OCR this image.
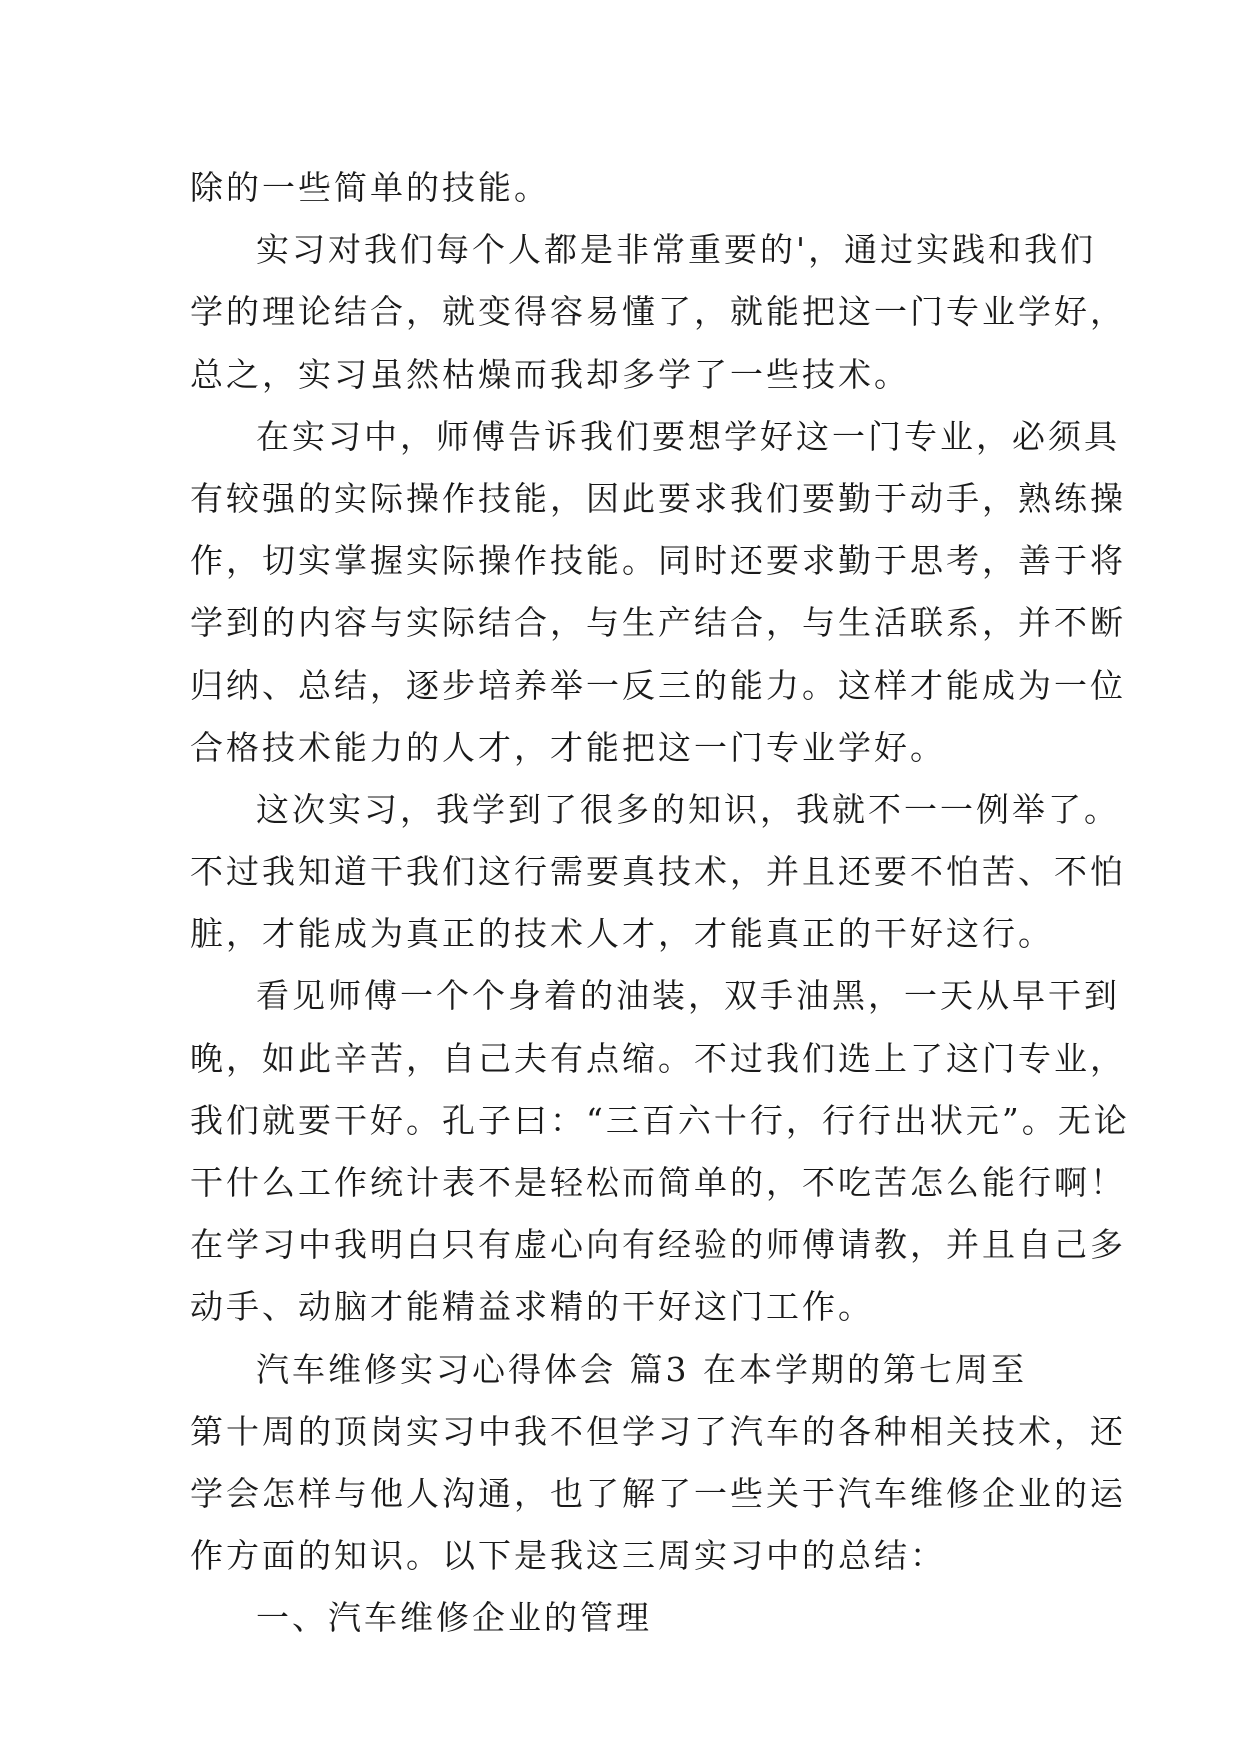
除的一些简单的技能。
实习对我们每个人都是非常重要的'，通过实践和我们
学的理论结合，就变得容易懂了，就能把这一门专业学好，
总之，实习虽然枯燥而我却多学了一些技术。
在实习中，师傅告诉我们要想学好这一门专业，必须具
有较强的实际操作技能，因此要求我们要勤于动手，熟练操
作，切实掌握实际操作技能。同时还要求勤于思考，善于将
学到的内容与实际结合，与生产结合，与生活联系，并不断
归纳、总结，逐步培养举一反三的能力。这样才能成为一位
合格技术能力的人才，才能把这一门专业学好。
这次实习，我学到了很多的知识，我就不一一例举了。
不过我知道干我们这行需要真技术，并且还要不怕苦、不怕
脏，才能成为真正的技术人才，才能真正的干好这行。
看见师傅一个个身着的油装，双手油黑，一天从早干到
晚，如此辛苦，自己夫有点缩。不过我们选上了这门专业，
我们就要干好。孔子曰：“三百六十行，行行出状元”。无论
干什么工作统计表不是轻松而简单的，不吃苦怎么能行啊！
在学习中我明白只有虚心向有经验的师傅请教，并且自己多
动手、动脑才能精益求精的干好这门工作。
汽车维修实习心得体会 篇3 在本学期的第七周至
第十周的顶岗实习中我不但学习了汽车的各种相关技术，还
学会怎样与他人沟通，也了解了一些关于汽车维修企业的运
作方面的知识。以下是我这三周实习中的总结：
一、汽车维修企业的管理
